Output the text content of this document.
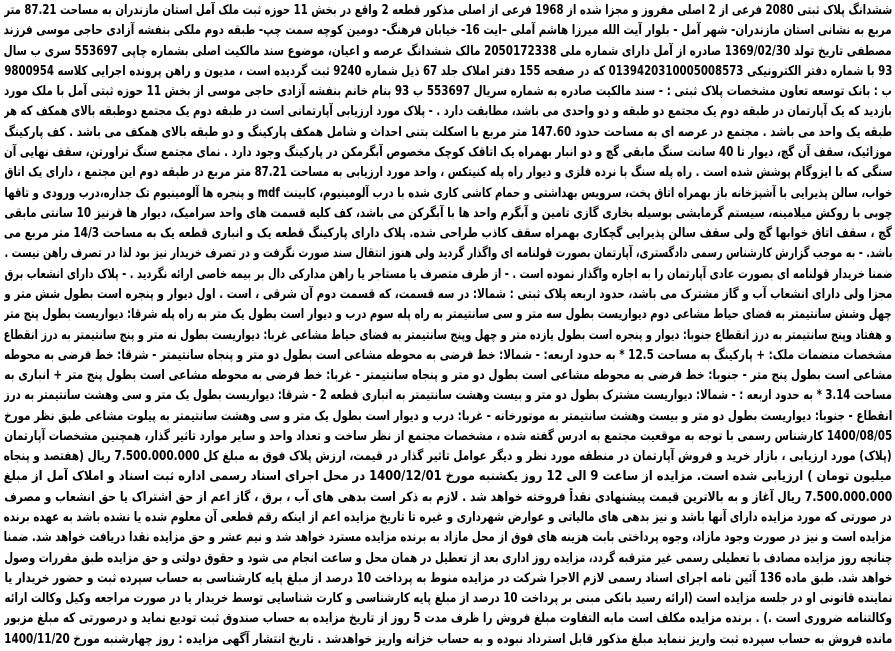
ششدانگ پلاک ثبتی 2080 فرعی از 2 اصلی مفروز و مجزا شده از 1968 فرعی از اصلی مذکور قطعه 2 واقع در بخش 11 حوزه ثبت ملک آمل استان مازندران به مساحت 87.21 متر
مربع به نشانی استان مازندران- شهر آمل - بلوار آیت الله میرزا هاشم آملی –ایت 16- خیابان فرهنگ- دومین کوچه سمت چپ- طبقه دوم ملکی بنفشه آزادی حاجی موسی فرزند
مصطفی تاریخ تولد 1369/02/30 صادره از آمل دارای شماره ملی 2050172338 مالک ششدانگ عرصه و اعیان، موضوع سند مالکیت اصلی بشماره چاپی 553697 سری ب سال
93 با شماره دفتر الکترونیکی 0139420310005008573 که در صفحه 155 دفتر املاک جلد 67 ذیل شماره 9240 ثبت گردیده است ، مدیون و راهن پرونده اجرایی کلاسه 9800954
ب : بانک توسعه تعاون مشخصات پلاک ثبتی : - سند مالکیت صادره به شماره سریال 553697 ب 93 بنام خانم بنفشه آزادی حاجی موسی از بخش 11 حوزه ثبتی آمل با ملک مورد
بازدید که یک آپارتمان در طبقه دوم یک مجتمع دو طبقه و دو واحدی می باشد، مطابقت دارد . - پلاک مورد ارزیابی آپارتمانی است در طبقه دوم یک مجتمع دوطبقه بالای همکف که هر
طبقه یک واحد می باشد . مجتمع در عرصه ای به مساحت حدود 147.60 متر مربع با اسکلت بتنی احداث و شامل همکف پارکینگ و دو طبقه بالای همکف می باشد . کف پارکینگ
موزائیک، سقف آن گچ، دیوار تا 40 سانت سنگ مابقی گچ و دو انبار بهمراه یک اتاقک کوچک مخصوص آبگرمکن در پارکینگ وجود دارد . نمای مجتمع سنگ تراورتن، سقف نهایی آن
سنگی که با ایزوگام پوشش شده است . راه پله سنگ با نرده فلزی و دیوار راه پله کنیتکس ، واحد مورد ارزیابی به مساحت 87.21 متر مربع در طبقه دوم این مجتمع ، دارای یک اتاق
خواب، سالن پذیرایی با آشپزخانه باز بهمراه اتاق پخت، سرویس بهداشتی و حمام کاشی کاری شده با درب آلومینیوم، کابینت mdf و پنجره ها آلومینیوم تک جداره،درب ورودی و تاقها
چوبی با روکش میلامینه، سیستم گرمایشی بوسیله بخاری گازی تامین و آبگرم واحد ها با آبگرکن می باشد، کف کلیه قسمت های واحد سرامیک، دیوار ها قرنیز 10 سانتی مابقی
گچ ، سقف اتاق خوابها گچ ولی سقف سالن پذیرایی گچکاری بهمراه سقف کاذب طراحی شده. پلاک دارای پارکینگ قطعه یک و انباری قطعه یک به مساحت 14/3 متر مربع می
باشد. - به موجب گزارش کارشناس رسمی دادگستری، آپارتمان بصورت قولنامه ای واگذار گردید ولی هنوز انتقال سند صورت نگرفت و در تصرف خریدار نیز بود لذا در تصرف راهن نیست .
ضمنا خریدار قولنامه ای بصورت عادی آپارتمان را به اجاره واگذار نموده است . - از طرف متصرف یا مستاجر یا راهن مدارکی دال بر بیمه خاصی ارائه نگردید . - پلاک دارای انشعاب برق
مجزا ولی دارای انشعاب آب و گاز مشترک می باشد، حدود اربعه پلاک ثبتی : شمالا: در سه قسمت، که قسمت دوم آن شرقی ، است . اول دیوار و پنجره است بطول شش متر و
چهل وشش سانتیمتر به فضای حیاط مشاعی دوم دیواریست بطول سه متر و سی سانتیمتر به راه پله سوم درب و دیوار است بطول یک متر به راه پله شرقا: دیواریست بطول پنج متر
و هفتاد وپنج سانتیمتر به درز انقطاع جنوبا: دیوار و پنجره است بطول یازده متر و چهل وپنج سانتیمتر به فضای حیاط مشاعی غربا: دیواریست بطول نه متر و پنج سانتیمتر به درز انقطاع
مشخصات منضمات ملک: + پارکینگ به مساحت 12.5 * به حدود اربعه: - شمالا: خط فرضی به محوطه مشاعی است بطول دو متر و پنجاه سانتیمتر - شرقا: خط فرضی به محوطه
مشاعی است بطول پنج متر - جنوبا: خط فرضی به محوطه مشاعی است بطول دو متر و پنجاه سانتیمتر - غربا: خط فرضی به محوطه مشاعی است بطول پنج متر + انباری به
مساحت 3.14 * به حدود اربعه : - شمالا: دیواریست مشترک بطول دو متر و بیست وهشت سانتیمتر به انباری قطعه 2 - شرقا: دیواریست بطول یک متر و سی وهشت سانتیمتر به درز
انقطاع - جنوبا: دیواریست بطول دو متر و بیست وهشت سانتیمتر به موتورخانه - غربا: درب و دیوار است بطول یک متر و سی وهشت سانتیمتر به پیلوت مشاعی طبق نظر مورخ
1400/08/05 کارشناس رسمی با توجه به موقعیت مجتمع به ادرس گفته شده ، مشخصات مجتمع از نظر ساخت و تعداد واحد و سایر موارد تاثیر گذار، همچنین مشخصات آپارتمان
(پلاک) مورد ارزیابی ، بازار خرید و فروش آپارتمان در منطقه مورد نظر و دیگر عوامل تاثیر گذار در قیمت، ارزش پلاک فوق به مبلغ کل 7.500.000.000 ریال (هفتصد و پنجاه
میلیون تومان ) ارزیابی شده است. مزایده از ساعت 9 الی 12 روز یکشنبه مورخ 1400/12/01 در محل اجرای اسناد رسمی اداره ثبت اسناد و املاک آمل از مبلغ
7.500.000.000 ریال آغاز و به بالاترین قیمت پیشنهادی نقداً فروخته خواهد شد . لازم به ذکر است بدهی های آب ، برق ، گاز اعم از حق اشتراک یا حق انشعاب و مصرف
در صورتی که مورد مزایده دارای آنها باشد و نیز بدهی های مالیاتی و عوارض شهرداری و غیره تا تاریخ مزایده اعم از اینکه رقم قطعی آن معلوم شده یا نشده باشد به عهده برنده
مزایده است و نیز در صورت وجود مازاد، وجوه پرداختی بابت هزینه های فوق از محل مازاد به برنده مزایده مسترد خواهد شد و نیم عشر و حق مزایده نقدا دریافت خواهد شد. ضمنا
چنانچه روز مزایده مصادف با تعطیلی رسمی غیر مترقبه گردد، مزایده روز اداری بعد از تعطیل در همان محل و ساعت انجام می شود و حقوق دولتی و حق مزایده طبق مقررات وصول
خواهد شد. طبق ماده 136 آئین نامه اجرای اسناد رسمی لازم الاجرا شرکت در مزایده منوط به پرداخت 10 درصد از مبلغ پایه کارشناسی به حساب سپرده ثبت و حضور خریدار یا
نماینده قانونی او در جلسه مزایده است (ارائه رسید بانکی مبنی بر پرداخت 10 درصد از مبلغ پایه کارشناسی و کارت شناسایی توسط خریدار یا در صورت مراجعه وکیل وکالت ارائه
وکالتنامه ضروری است .) . برنده مزایده مکلف است مابه التفاوت مبلغ فروش را ظرف مدت 5 روز از تاریخ مزایده به حساب صندوق ثبت تودیع نماید و درصورتی که مبلغ مزبور
مانده فروش به حساب سپرده ثبت واریز ننماید مبلغ مذکور قابل استرداد نبوده و به حساب خزانه واریز خواهدشد . تاریخ انتشار آگهی مزایده : روز چهارشنبه مورخ 1400/11/20
